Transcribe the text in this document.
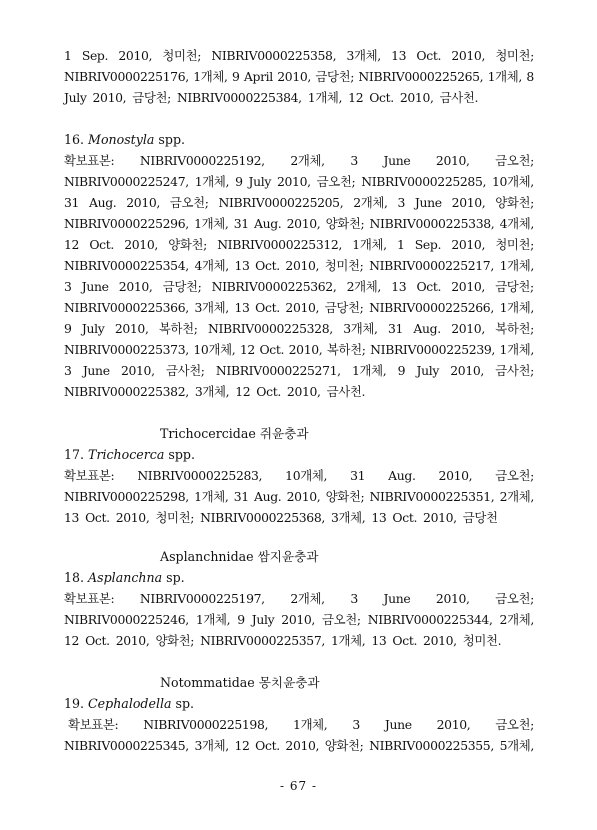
1 Sep. 2010, 청미천; NIBRIV0000225358, 3개체, 13 Oct. 2010, 청미천;
NIBRIV0000225176, 1개체, 9 April 2010, 금당천; NIBRIV0000225265, 1개체, 8
July 2010, 금당천; NIBRIV0000225384, 1개체, 12 Oct. 2010, 금사천.
16. Monostyla spp.
확보표본: NIBRIV0000225192, 2개체, 3 June 2010, 금오천;
NIBRIV0000225247, 1개체, 9 July 2010, 금오천; NIBRIV0000225285, 10개체,
31 Aug. 2010, 금오천; NIBRIV0000225205, 2개체, 3 June 2010, 양화천;
NIBRIV0000225296, 1개체, 31 Aug. 2010, 양화천; NIBRIV0000225338, 4개체,
12 Oct. 2010, 양화천; NIBRIV0000225312, 1개체, 1 Sep. 2010, 청미천;
NIBRIV0000225354, 4개체, 13 Oct. 2010, 청미천; NIBRIV0000225217, 1개체,
3 June 2010, 금당천; NIBRIV0000225362, 2개체, 13 Oct. 2010, 금당천;
NIBRIV0000225366, 3개체, 13 Oct. 2010, 금당천; NIBRIV0000225266, 1개체,
9 July 2010, 복하천; NIBRIV0000225328, 3개체, 31 Aug. 2010, 복하천;
NIBRIV0000225373, 10개체, 12 Oct. 2010, 복하천; NIBRIV0000225239, 1개체,
3 June 2010, 금사천; NIBRIV0000225271, 1개체, 9 July 2010, 금사천;
NIBRIV0000225382, 3개체, 12 Oct. 2010, 금사천.
Trichocercidae 쥐윤충과
17. Trichocerca spp.
확보표본: NIBRIV0000225283, 10개체, 31 Aug. 2010, 금오천;
NIBRIV0000225298, 1개체, 31 Aug. 2010, 양화천; NIBRIV0000225351, 2개체,
13 Oct. 2010, 청미천; NIBRIV0000225368, 3개체, 13 Oct. 2010, 금당천
Asplanchnidae 쌈지윤충과
18. Asplanchna sp.
확보표본: NIBRIV0000225197, 2개체, 3 June 2010, 금오천;
NIBRIV0000225246, 1개체, 9 July 2010, 금오천; NIBRIV0000225344, 2개체,
12 Oct. 2010, 양화천; NIBRIV0000225357, 1개체, 13 Oct. 2010, 청미천.
Notommatidae 몽치윤충과
19. Cephalodella sp.
확보표본: NIBRIV0000225198, 1개체, 3 June 2010, 금오천;
NIBRIV0000225345, 3개체, 12 Oct. 2010, 양화천; NIBRIV0000225355, 5개체,
- 67 -
